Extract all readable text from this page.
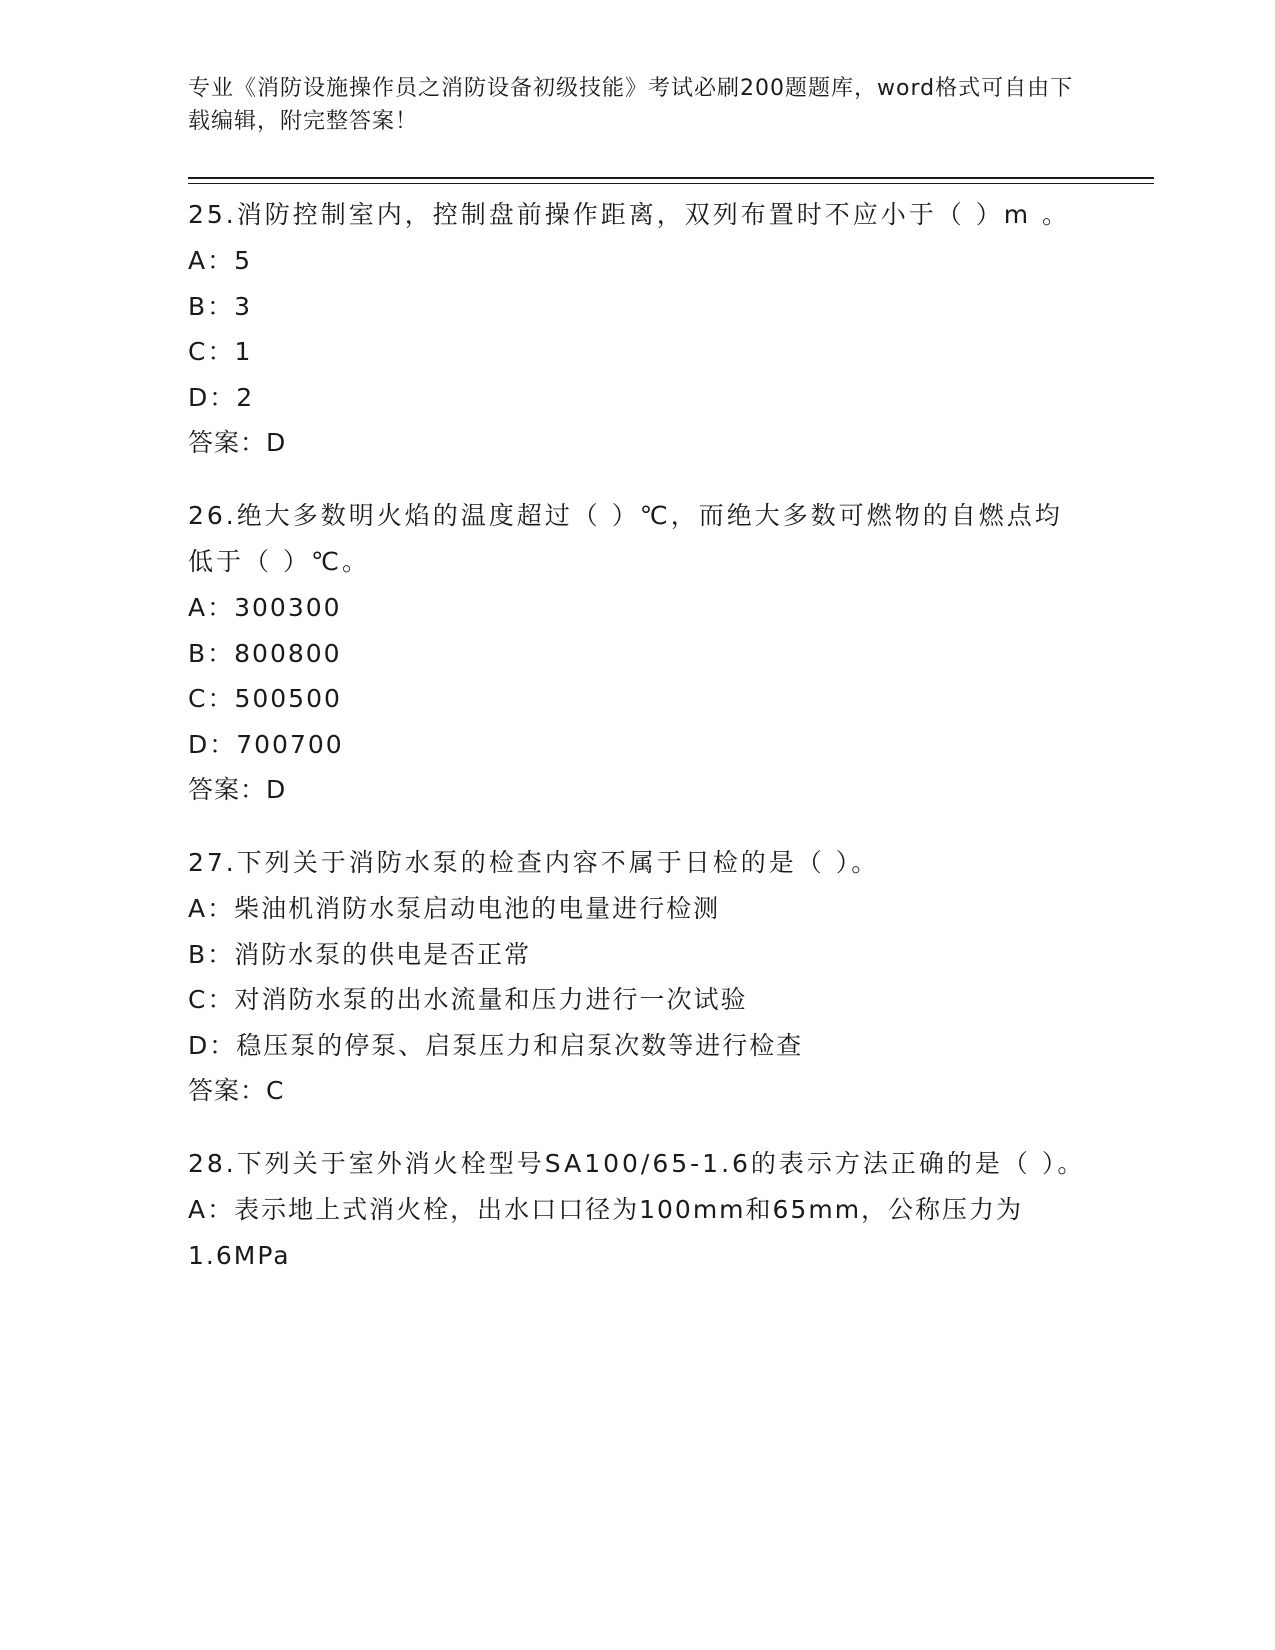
专业《消防设施操作员之消防设备初级技能》考试必刷200题题库，word格式可自由下载编辑，附完整答案！
25.消防控制室内，控制盘前操作距离，双列布置时不应小于（ ）m 。
A：5
B：3
C：1
D：2
答案：D
26.绝大多数明火焰的温度超过（ ）℃，而绝大多数可燃物的自燃点均低于（ ）℃。
A：300300
B：800800
C：500500
D：700700
答案：D
27.下列关于消防水泵的检查内容不属于日检的是（ ）。
A：柴油机消防水泵启动电池的电量进行检测
B：消防水泵的供电是否正常
C：对消防水泵的出水流量和压力进行一次试验
D：稳压泵的停泵、启泵压力和启泵次数等进行检查
答案：C
28.下列关于室外消火栓型号SA100/65-1.6的表示方法正确的是（ ）。
A：表示地上式消火栓，出水口口径为100mm和65mm，公称压力为1.6MPa
